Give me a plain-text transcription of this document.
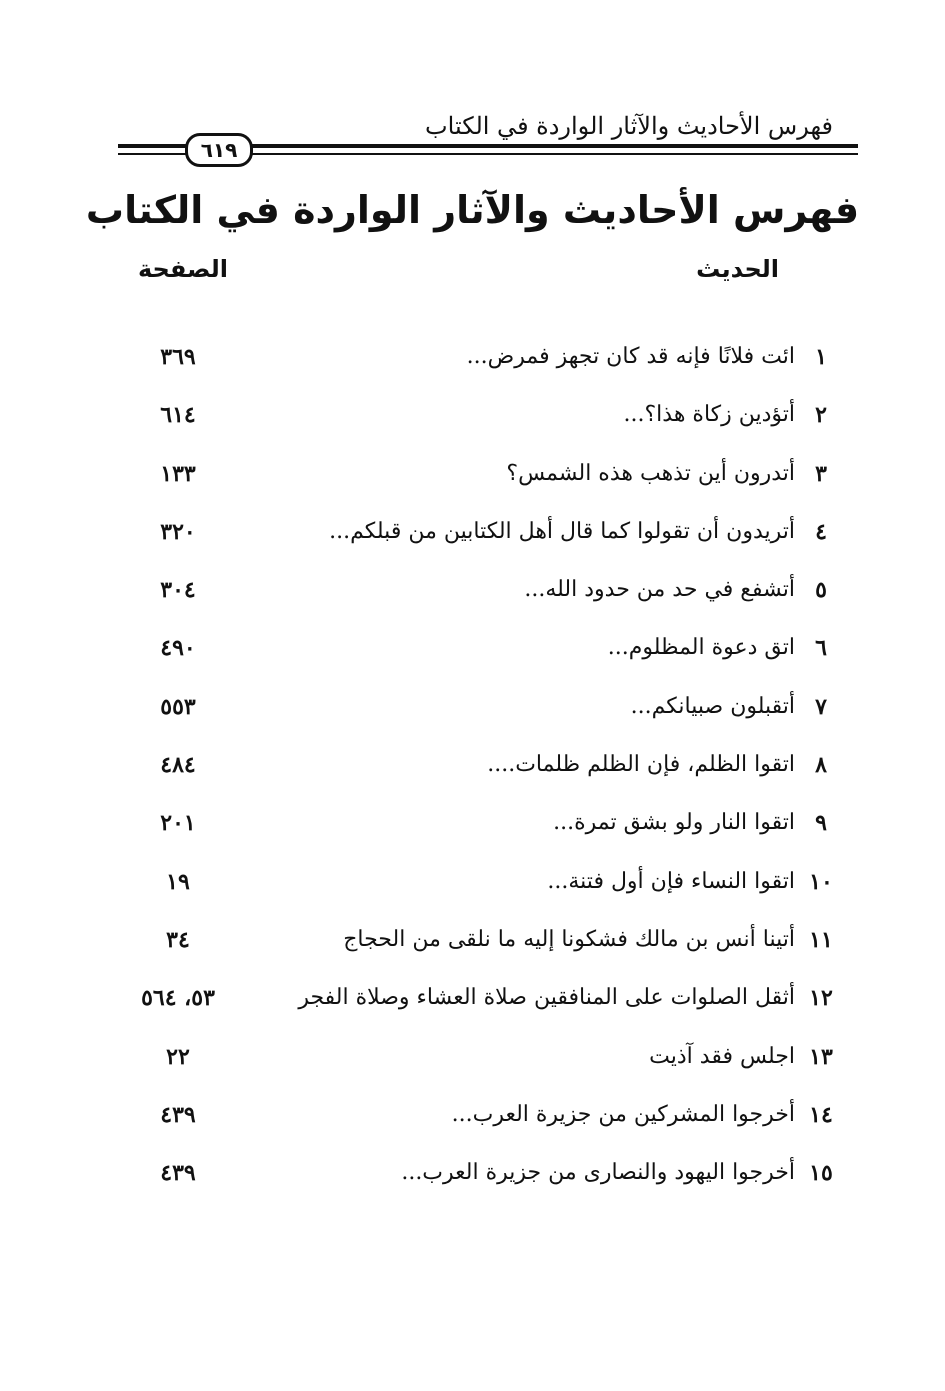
فهرس الأحاديث والآثار الواردة في الكتاب
٦١٩
فهرس الأحاديث والآثار الواردة في الكتاب
الحديث
الصفحة
١
ائت فلانًا فإنه قد كان تجهز فمرض...
٣٦٩
٢
أتؤدين زكاة هذا؟...
٦١٤
٣
أتدرون أين تذهب هذه الشمس؟
١٣٣
٤
أتريدون أن تقولوا كما قال أهل الكتابين من قبلكم...
٣٢٠
٥
أتشفع في حد من حدود الله...
٣٠٤
٦
اتق دعوة المظلوم...
٤٩٠
٧
أتقبلون صبيانكم...
٥٥٣
٨
اتقوا الظلم، فإن الظلم ظلمات....
٤٨٤
٩
اتقوا النار ولو بشق تمرة...
٢٠١
١٠
اتقوا النساء فإن أول فتنة...
١٩
١١
أتينا أنس بن مالك فشكونا إليه ما نلقى من الحجاج
٣٤
١٢
أثقل الصلوات على المنافقين صلاة العشاء وصلاة الفجر
٥٣، ٥٦٤
١٣
اجلس فقد آذيت
٢٢
١٤
أخرجوا المشركين من جزيرة العرب...
٤٣٩
١٥
أخرجوا اليهود والنصارى من جزيرة العرب...
٤٣٩
